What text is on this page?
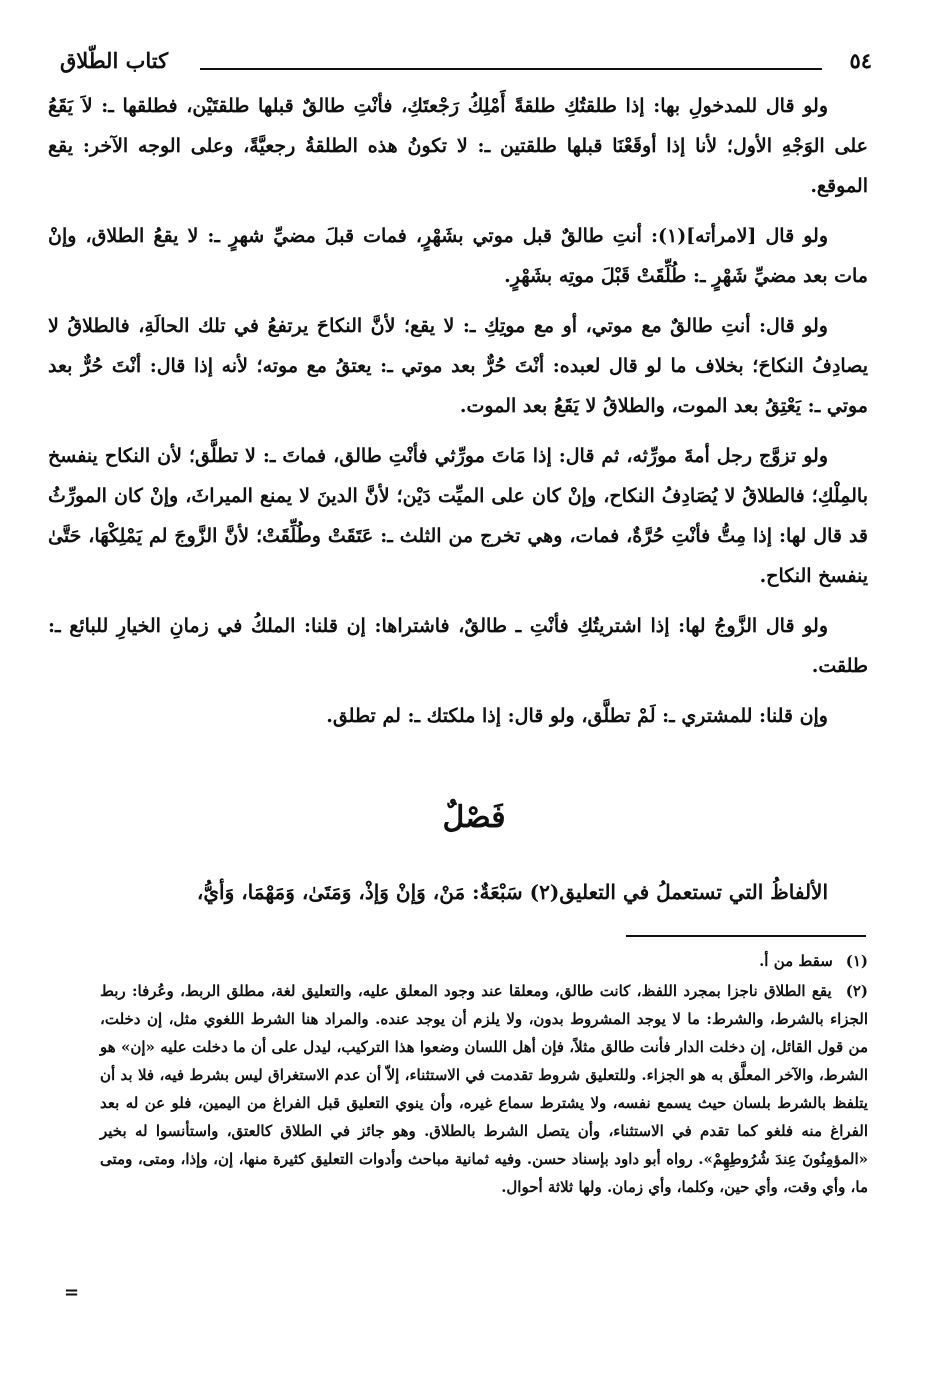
كتاب الطّلاق	٥٤

ولو قال للمدخولِ بها: إذا طلقتُكِ طلقةً أَمْلِكُ رَجْعتَكِ، فأنْتِ طالقٌ قبلها طلقتَيْن، فطلقها ـ: لاَ يَقَعُ على الوَجْهِ الأول؛ لأنا إذا أوقَعْنَا قبلها طلقتين ـ: لا تكونُ هذه الطلقةُ رجعيَّةً، وعلى الوجه الآخر: يقع الموقع.

ولو قال [لامرأته](١): أنتِ طالقٌ قبل موتي بشَهْرٍ، فمات قبلَ مضيِّ شهرٍ ـ: لا يقعُ الطلاق، وإنْ مات بعد مضيِّ شَهْرٍ ـ: طُلِّقَتْ قَبْلَ موتِه بشَهْرٍ.

ولو قال: أنتِ طالقٌ مع موتي، أو مع موتِكِ ـ: لا يقع؛ لأنَّ النكاحَ يرتفعُ في تلك الحالَةِ، فالطلاقُ لا يصادِفُ النكاحَ؛ بخلاف ما لو قال لعبده: أنْتَ حُرٌّ بعد موتي ـ: يعتقُ مع موته؛ لأنه إذا قال: أنْتَ حُرٌّ بعد موتي ـ: يَعْتِقُ بعد الموت، والطلاقُ لا يَقَعُ بعد الموت.

ولو تزوَّج رجل أمةَ مورِّثه، ثم قال: إذا مَاتَ مورِّثي فأنْتِ طالق، فماتَ ـ: لا تطلَّق؛ لأن النكاح ينفسخ بالمِلْكِ؛ فالطلاقُ لا يُصَادِفُ النكاح، وإنْ كان على الميِّت دَيْن؛ لأنَّ الدينَ لا يمنع الميراثَ، وإنْ كان المورِّثُ قد قال لها: إذا مِتُّ فأنْتِ حُرَّةٌ، فمات، وهي تخرج من الثلث ـ: عَتَقَتْ وطُلِّقَتْ؛ لأنَّ الزَّوجَ لم يَمْلِكْهَا، حَتَّىٰ ينفسخ النكاح.

ولو قال الزَّوجُ لها: إذا اشتريتُكِ فأنْتِ ـ طالقٌ، فاشتراها: إن قلنا: الملكُ في زمانِ الخيارِ للبائع ـ: طلقت.

وإن قلنا: للمشتري ـ: لَمْ تطلَّق، ولو قال: إذا ملكتك ـ: لم تطلق.

فَصْلٌ
الألفاظُ التي تستعملُ في التعليق(٢) سَبْعَةٌ: مَنْ، وَإنْ وَإذْ، وَمَتَىٰ، وَمَهْمَا، وَأيُّ،
(١) سقط من أ.
(٢) يقع الطلاق ناجزا بمجرد اللفظ، كانت طالق، ومعلقا عند وجود المعلق عليه، والتعليق لغة، مطلق الربط، وعُرفا: ربط الجزاء بالشرط، والشرط: ما لا يوجد المشروط بدون، ولا يلزم أن يوجد عنده. والمراد هنا الشرط اللغوي مثل، إن دخلت، من قول القائل، إن دخلت الدار فأنت طالق مثلاً، فإن أهل اللسان وضعوا هذا التركيب، ليدل على أن ما دخلت عليه «إن» هو الشرط، والآخر المعلَّق به هو الجزاء. وللتعليق شروط تقدمت في الاستثناء، إلاّ أن عدم الاستغراق ليس بشرط فيه، فلا بد أن يتلفظ بالشرط بلسان حيث يسمع نفسه، ولا يشترط سماع غيره، وأن ينوي التعليق قبل الفراغ من اليمين، فلو عن له بعد الفراغ منه فلغو كما تقدم في الاستثناء، وأن يتصل الشرط بالطلاق. وهو جائز في الطلاق كالعتق، واستأنسوا له بخير «المؤمِنُونَ عِندَ شُرُوطِهِمْ». رواه أبو داود بإسناد حسن. وفيه ثمانية مباحث وأدوات التعليق كثيرة منها، إن، وإذا، ومتى، ومتى ما، وأي وقت، وأي حين، وكلما، وأي زمان. ولها ثلاثة أحوال.
=
